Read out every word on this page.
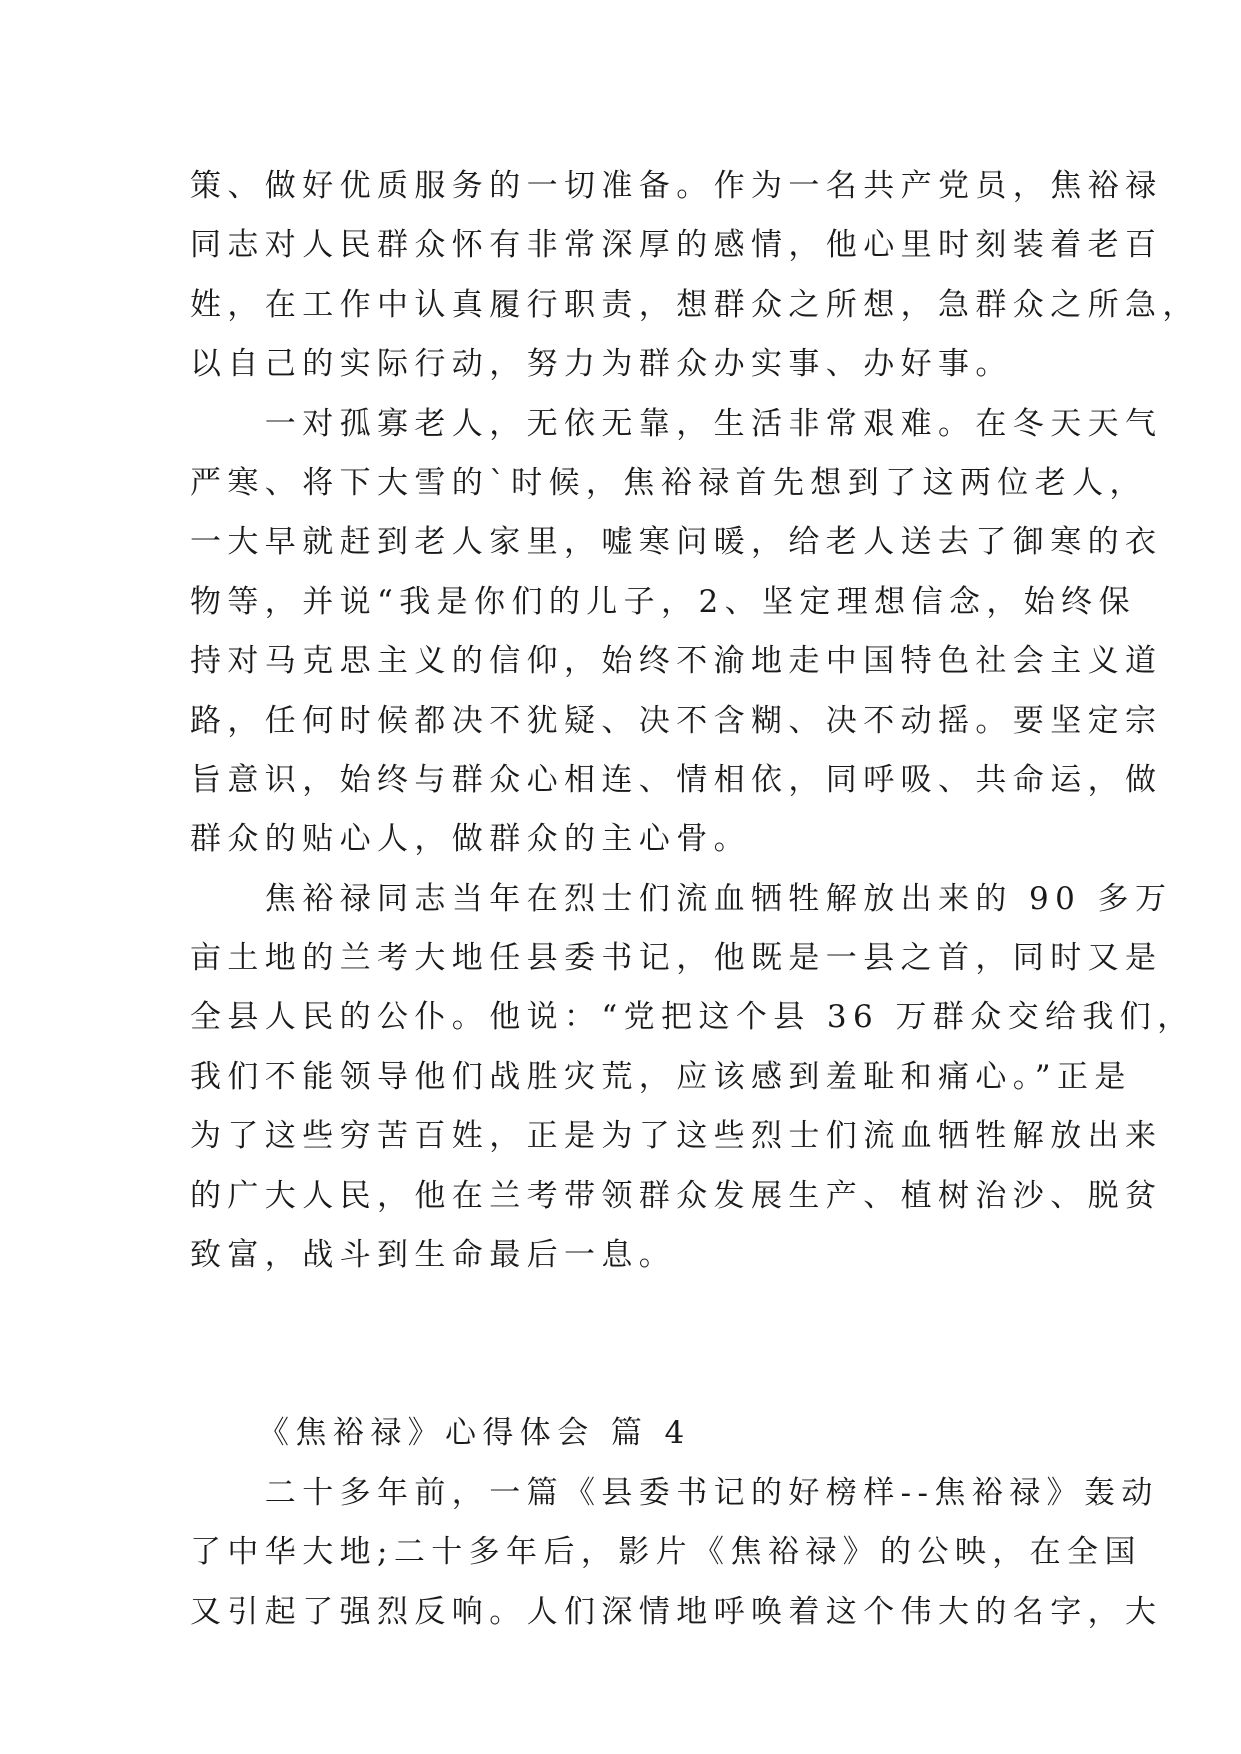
策、做好优质服务的一切准备。作为一名共产党员，焦裕禄
同志对人民群众怀有非常深厚的感情，他心里时刻装着老百
姓，在工作中认真履行职责，想群众之所想，急群众之所急，
以自己的实际行动，努力为群众办实事、办好事。
　　一对孤寡老人，无依无靠，生活非常艰难。在冬天天气
严寒、将下大雪的`时候，焦裕禄首先想到了这两位老人，
一大早就赶到老人家里，嘘寒问暖，给老人送去了御寒的衣
物等，并说“我是你们的儿子，2、坚定理想信念，始终保
持对马克思主义的信仰，始终不渝地走中国特色社会主义道
路，任何时候都决不犹疑、决不含糊、决不动摇。要坚定宗
旨意识，始终与群众心相连、情相依，同呼吸、共命运，做
群众的贴心人，做群众的主心骨。
　　焦裕禄同志当年在烈士们流血牺牲解放出来的 90 多万
亩土地的兰考大地任县委书记，他既是一县之首，同时又是
全县人民的公仆。他说：“党把这个县 36 万群众交给我们，
我们不能领导他们战胜灾荒，应该感到羞耻和痛心。”正是
为了这些穷苦百姓，正是为了这些烈士们流血牺牲解放出来
的广大人民，他在兰考带领群众发展生产、植树治沙、脱贫
致富，战斗到生命最后一息。
《焦裕禄》心得体会 篇 4
　　二十多年前，一篇《县委书记的好榜样--焦裕禄》轰动
了中华大地;二十多年后，影片《焦裕禄》的公映，在全国
又引起了强烈反响。人们深情地呼唤着这个伟大的名字，大
